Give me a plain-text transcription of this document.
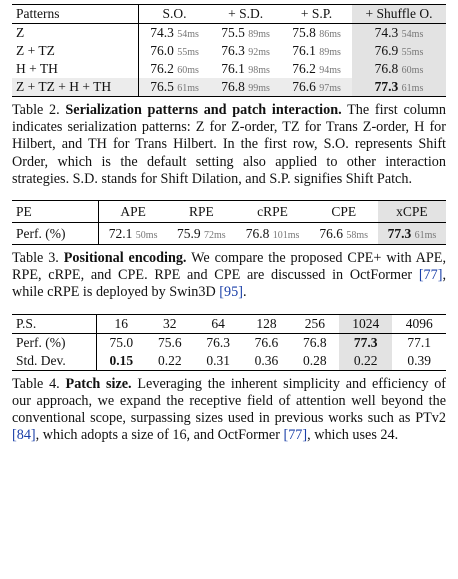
Patterns	S.O.	+ S.D.	+ S.P.	+ Shuffle O.
Z	74.3 54ms	75.5 89ms	75.8 86ms	74.3 54ms
Z + TZ	76.0 55ms	76.3 92ms	76.1 89ms	76.9 55ms
H + TH	76.2 60ms	76.1 98ms	76.2 94ms	76.8 60ms
Z + TZ + H + TH	76.5 61ms	76.8 99ms	76.6 97ms	77.3 61ms

Table 2. Serialization patterns and patch interaction. The first column indicates serialization patterns: Z for Z-order, TZ for Trans Z-order, H for Hilbert, and TH for Trans Hilbert. In the first row, S.O. represents Shift Order, which is the default setting also applied to other interaction strategies. S.D. stands for Shift Dilation, and S.P. signifies Shift Patch.

PE	APE	RPE	cRPE	CPE	xCPE
Perf. (%)	72.1 50ms	75.9 72ms	76.8 101ms	76.6 58ms	77.3 61ms

Table 3. Positional encoding. We compare the proposed CPE+ with APE, RPE, cRPE, and CPE. RPE and CPE are discussed in OctFormer [77], while cRPE is deployed by Swin3D [95].

P.S.	16	32	64	128	256	1024	4096
Perf. (%)	75.0	75.6	76.3	76.6	76.8	77.3	77.1
Std. Dev.	0.15	0.22	0.31	0.36	0.28	0.22	0.39

Table 4. Patch size. Leveraging the inherent simplicity and efficiency of our approach, we expand the receptive field of attention well beyond the conventional scope, surpassing sizes used in previous works such as PTv2 [84], which adopts a size of 16, and OctFormer [77], which uses 24.
